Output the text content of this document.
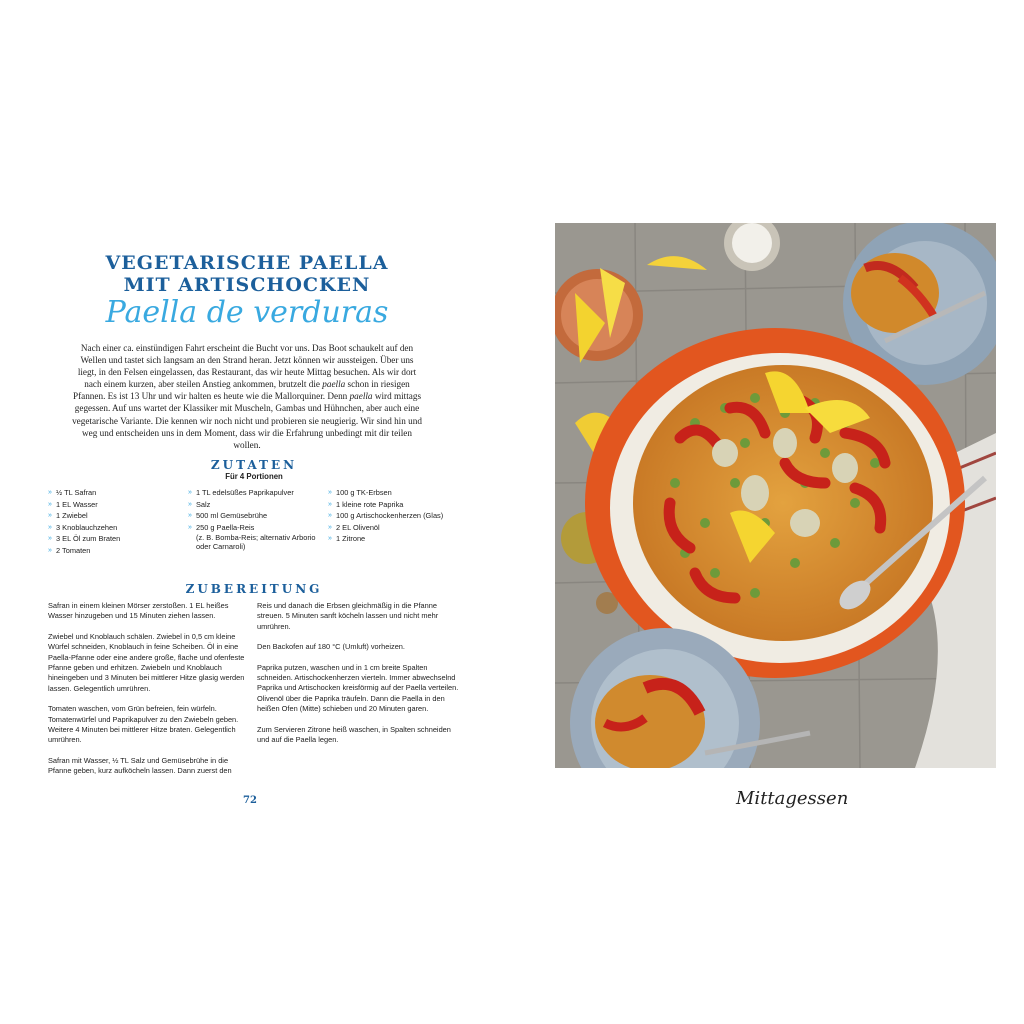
VEGETARISCHE PAELLA
MIT ARTISCHOCKEN
Paella de verduras
Nach einer ca. einstündigen Fahrt erscheint die Bucht vor uns. Das Boot schaukelt auf den Wellen und tastet sich langsam an den Strand heran. Jetzt können wir aussteigen. Über uns liegt, in den Felsen eingelassen, das Restaurant, das wir heute Mittag besuchen. Als wir dort nach einem kurzen, aber steilen Anstieg ankommen, brutzelt die paella schon in riesigen Pfannen. Es ist 13 Uhr und wir halten es heute wie die Mallorquiner. Denn paella wird mittags gegessen. Auf uns wartet der Klassiker mit Muscheln, Gambas und Hühnchen, aber auch eine vegetarische Variante. Die kennen wir noch nicht und probieren sie neugierig. Wir sind hin und weg und entscheiden uns in dem Moment, dass wir die Erfahrung unbedingt mit dir teilen wollen.
ZUTATEN
Für 4 Portionen
» ½ TL Safran
» 1 EL Wasser
» 1 Zwiebel
» 3 Knoblauchzehen
» 3 EL Öl zum Braten
» 2 Tomaten
» 1 TL edelsüßes Paprikapulver
» Salz
» 500 ml Gemüsebrühe
» 250 g Paella-Reis
(z. B. Bomba-Reis; alternativ Arborio oder Carnaroli)
» 100 g TK-Erbsen
» 1 kleine rote Paprika
» 100 g Artischockenherzen (Glas)
» 2 EL Olivenöl
» 1 Zitrone
ZUBEREITUNG

Safran in einem kleinen Mörser zerstoßen. 1 EL heißes Wasser hinzugeben und 15 Minuten ziehen lassen.

Zwiebel und Knoblauch schälen. Zwiebel in 0,5 cm kleine Würfel schneiden, Knoblauch in feine Scheiben. Öl in eine Paella-Pfanne oder eine andere große, flache und ofenfeste Pfanne geben und erhitzen. Zwiebeln und Knoblauch hineingeben und 3 Minuten bei mittlerer Hitze glasig werden lassen. Gelegentlich umrühren.

Tomaten waschen, vom Grün befreien, fein würfeln. Tomatenwürfel und Paprikapulver zu den Zwiebeln geben. Weitere 4 Minuten bei mittlerer Hitze braten. Gelegentlich umrühren.

Safran mit Wasser, ½ TL Salz und Gemüsebrühe in die Pfanne geben, kurz aufköcheln lassen. Dann zuerst den

Reis und danach die Erbsen gleichmäßig in die Pfanne streuen. 5 Minuten sanft köcheln lassen und nicht mehr umrühren.

Den Backofen auf 180 °C (Umluft) vorheizen.

Paprika putzen, waschen und in 1 cm breite Spalten schneiden. Artischockenherzen vierteln. Immer abwechselnd Paprika und Artischocken kreisförmig auf der Paella verteilen. Olivenöl über die Paprika träufeln. Dann die Paella in den heißen Ofen (Mitte) schieben und 20 Minuten garen.

Zum Servieren Zitrone heiß waschen, in Spalten schneiden und auf die Paella legen.

72	Mittagessen
